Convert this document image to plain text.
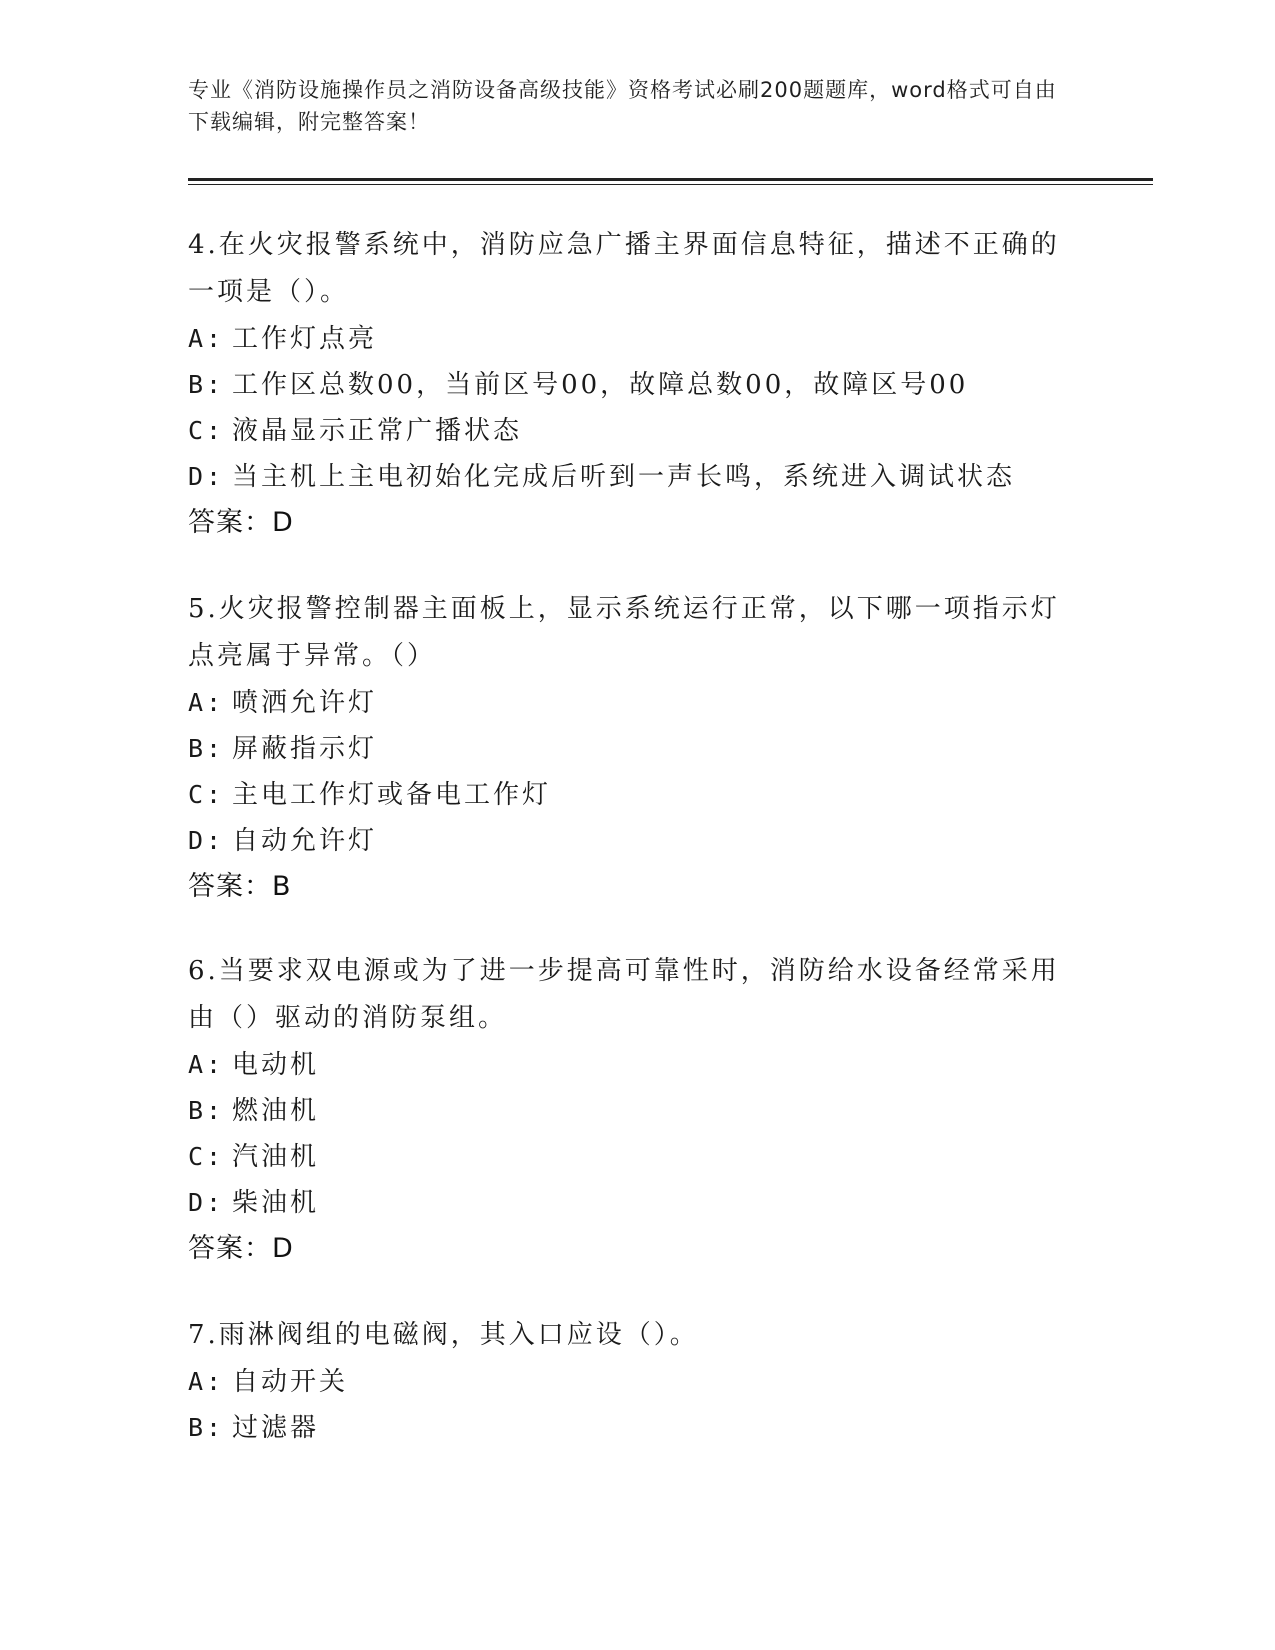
专业《消防设施操作员之消防设备高级技能》资格考试必刷200题题库，word格式可自由下载编辑，附完整答案！

4.在火灾报警系统中，消防应急广播主界面信息特征，描述不正确的一项是（）。

A: 工作灯点亮

B: 工作区总数00，当前区号00，故障总数00，故障区号00

C: 液晶显示正常广播状态

D: 当主机上主电初始化完成后听到一声长鸣，系统进入调试状态

答案：D

5.火灾报警控制器主面板上，显示系统运行正常，以下哪一项指示灯点亮属于异常。（）

A: 喷洒允许灯

B: 屏蔽指示灯

C: 主电工作灯或备电工作灯

D: 自动允许灯

答案：B

6.当要求双电源或为了进一步提高可靠性时，消防给水设备经常采用由（）驱动的消防泵组。

A: 电动机

B: 燃油机

C: 汽油机

D: 柴油机

答案：D

7.雨淋阀组的电磁阀，其入口应设（）。

A: 自动开关

B: 过滤器
